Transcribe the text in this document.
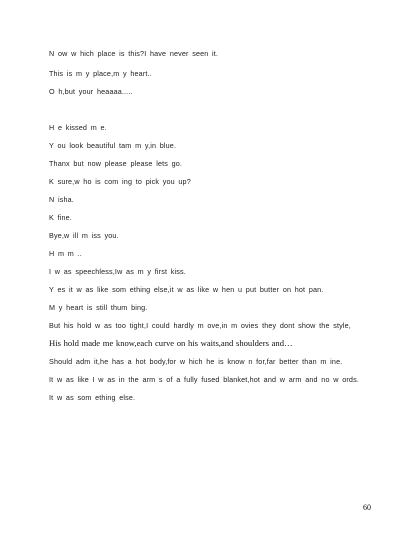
N ow w hich place is this?I have never seen it.
This is m y place,m y heart..
O h,but your heaaaa.....
H e kissed m e.
Y ou look beautiful tam m y,in blue.
Thanx but now please please lets go.
K sure,w ho is com ing to pick you up?
N isha.
K fine.
Bye,w ill m iss you.
H m m ..
I w as speechless,Iw as m y first kiss.
Y es it w as like som ething else,it w as like w hen u put butter on hot pan.
M y heart is still thum bing.
But his hold w as too tight,I could hardly m ove,in m ovies they dont show the style,
His hold made me know,each curve on his waits,and shoulders and…
Should adm it,he has a hot body,for w hich he is know n for,far better than m ine.
It w as like I w as in the arm s of a fully fused blanket,hot and w arm and no w ords.
It w as som ething else.
60
